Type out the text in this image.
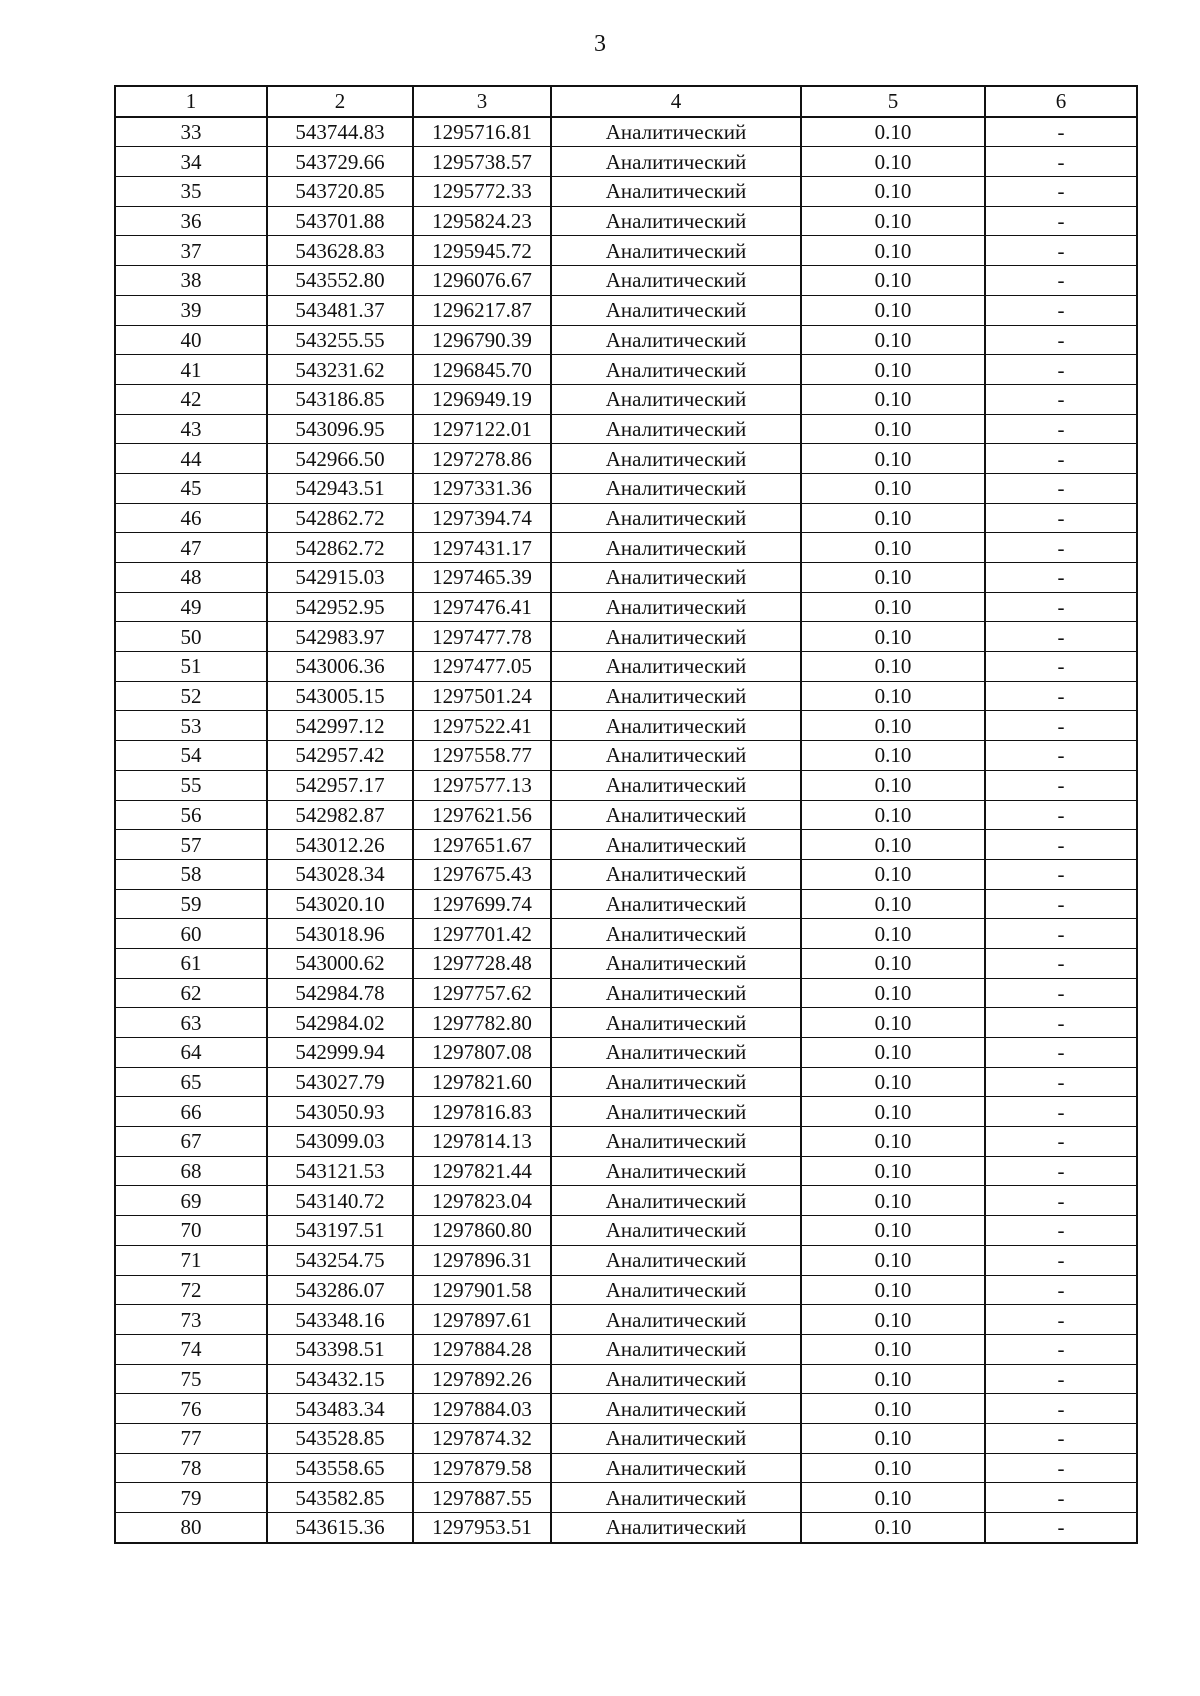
3
1	2	3	4	5	6
33	543744.83	1295716.81	Аналитический	0.10	-
34	543729.66	1295738.57	Аналитический	0.10	-
35	543720.85	1295772.33	Аналитический	0.10	-
36	543701.88	1295824.23	Аналитический	0.10	-
37	543628.83	1295945.72	Аналитический	0.10	-
38	543552.80	1296076.67	Аналитический	0.10	-
39	543481.37	1296217.87	Аналитический	0.10	-
40	543255.55	1296790.39	Аналитический	0.10	-
41	543231.62	1296845.70	Аналитический	0.10	-
42	543186.85	1296949.19	Аналитический	0.10	-
43	543096.95	1297122.01	Аналитический	0.10	-
44	542966.50	1297278.86	Аналитический	0.10	-
45	542943.51	1297331.36	Аналитический	0.10	-
46	542862.72	1297394.74	Аналитический	0.10	-
47	542862.72	1297431.17	Аналитический	0.10	-
48	542915.03	1297465.39	Аналитический	0.10	-
49	542952.95	1297476.41	Аналитический	0.10	-
50	542983.97	1297477.78	Аналитический	0.10	-
51	543006.36	1297477.05	Аналитический	0.10	-
52	543005.15	1297501.24	Аналитический	0.10	-
53	542997.12	1297522.41	Аналитический	0.10	-
54	542957.42	1297558.77	Аналитический	0.10	-
55	542957.17	1297577.13	Аналитический	0.10	-
56	542982.87	1297621.56	Аналитический	0.10	-
57	543012.26	1297651.67	Аналитический	0.10	-
58	543028.34	1297675.43	Аналитический	0.10	-
59	543020.10	1297699.74	Аналитический	0.10	-
60	543018.96	1297701.42	Аналитический	0.10	-
61	543000.62	1297728.48	Аналитический	0.10	-
62	542984.78	1297757.62	Аналитический	0.10	-
63	542984.02	1297782.80	Аналитический	0.10	-
64	542999.94	1297807.08	Аналитический	0.10	-
65	543027.79	1297821.60	Аналитический	0.10	-
66	543050.93	1297816.83	Аналитический	0.10	-
67	543099.03	1297814.13	Аналитический	0.10	-
68	543121.53	1297821.44	Аналитический	0.10	-
69	543140.72	1297823.04	Аналитический	0.10	-
70	543197.51	1297860.80	Аналитический	0.10	-
71	543254.75	1297896.31	Аналитический	0.10	-
72	543286.07	1297901.58	Аналитический	0.10	-
73	543348.16	1297897.61	Аналитический	0.10	-
74	543398.51	1297884.28	Аналитический	0.10	-
75	543432.15	1297892.26	Аналитический	0.10	-
76	543483.34	1297884.03	Аналитический	0.10	-
77	543528.85	1297874.32	Аналитический	0.10	-
78	543558.65	1297879.58	Аналитический	0.10	-
79	543582.85	1297887.55	Аналитический	0.10	-
80	543615.36	1297953.51	Аналитический	0.10	-
